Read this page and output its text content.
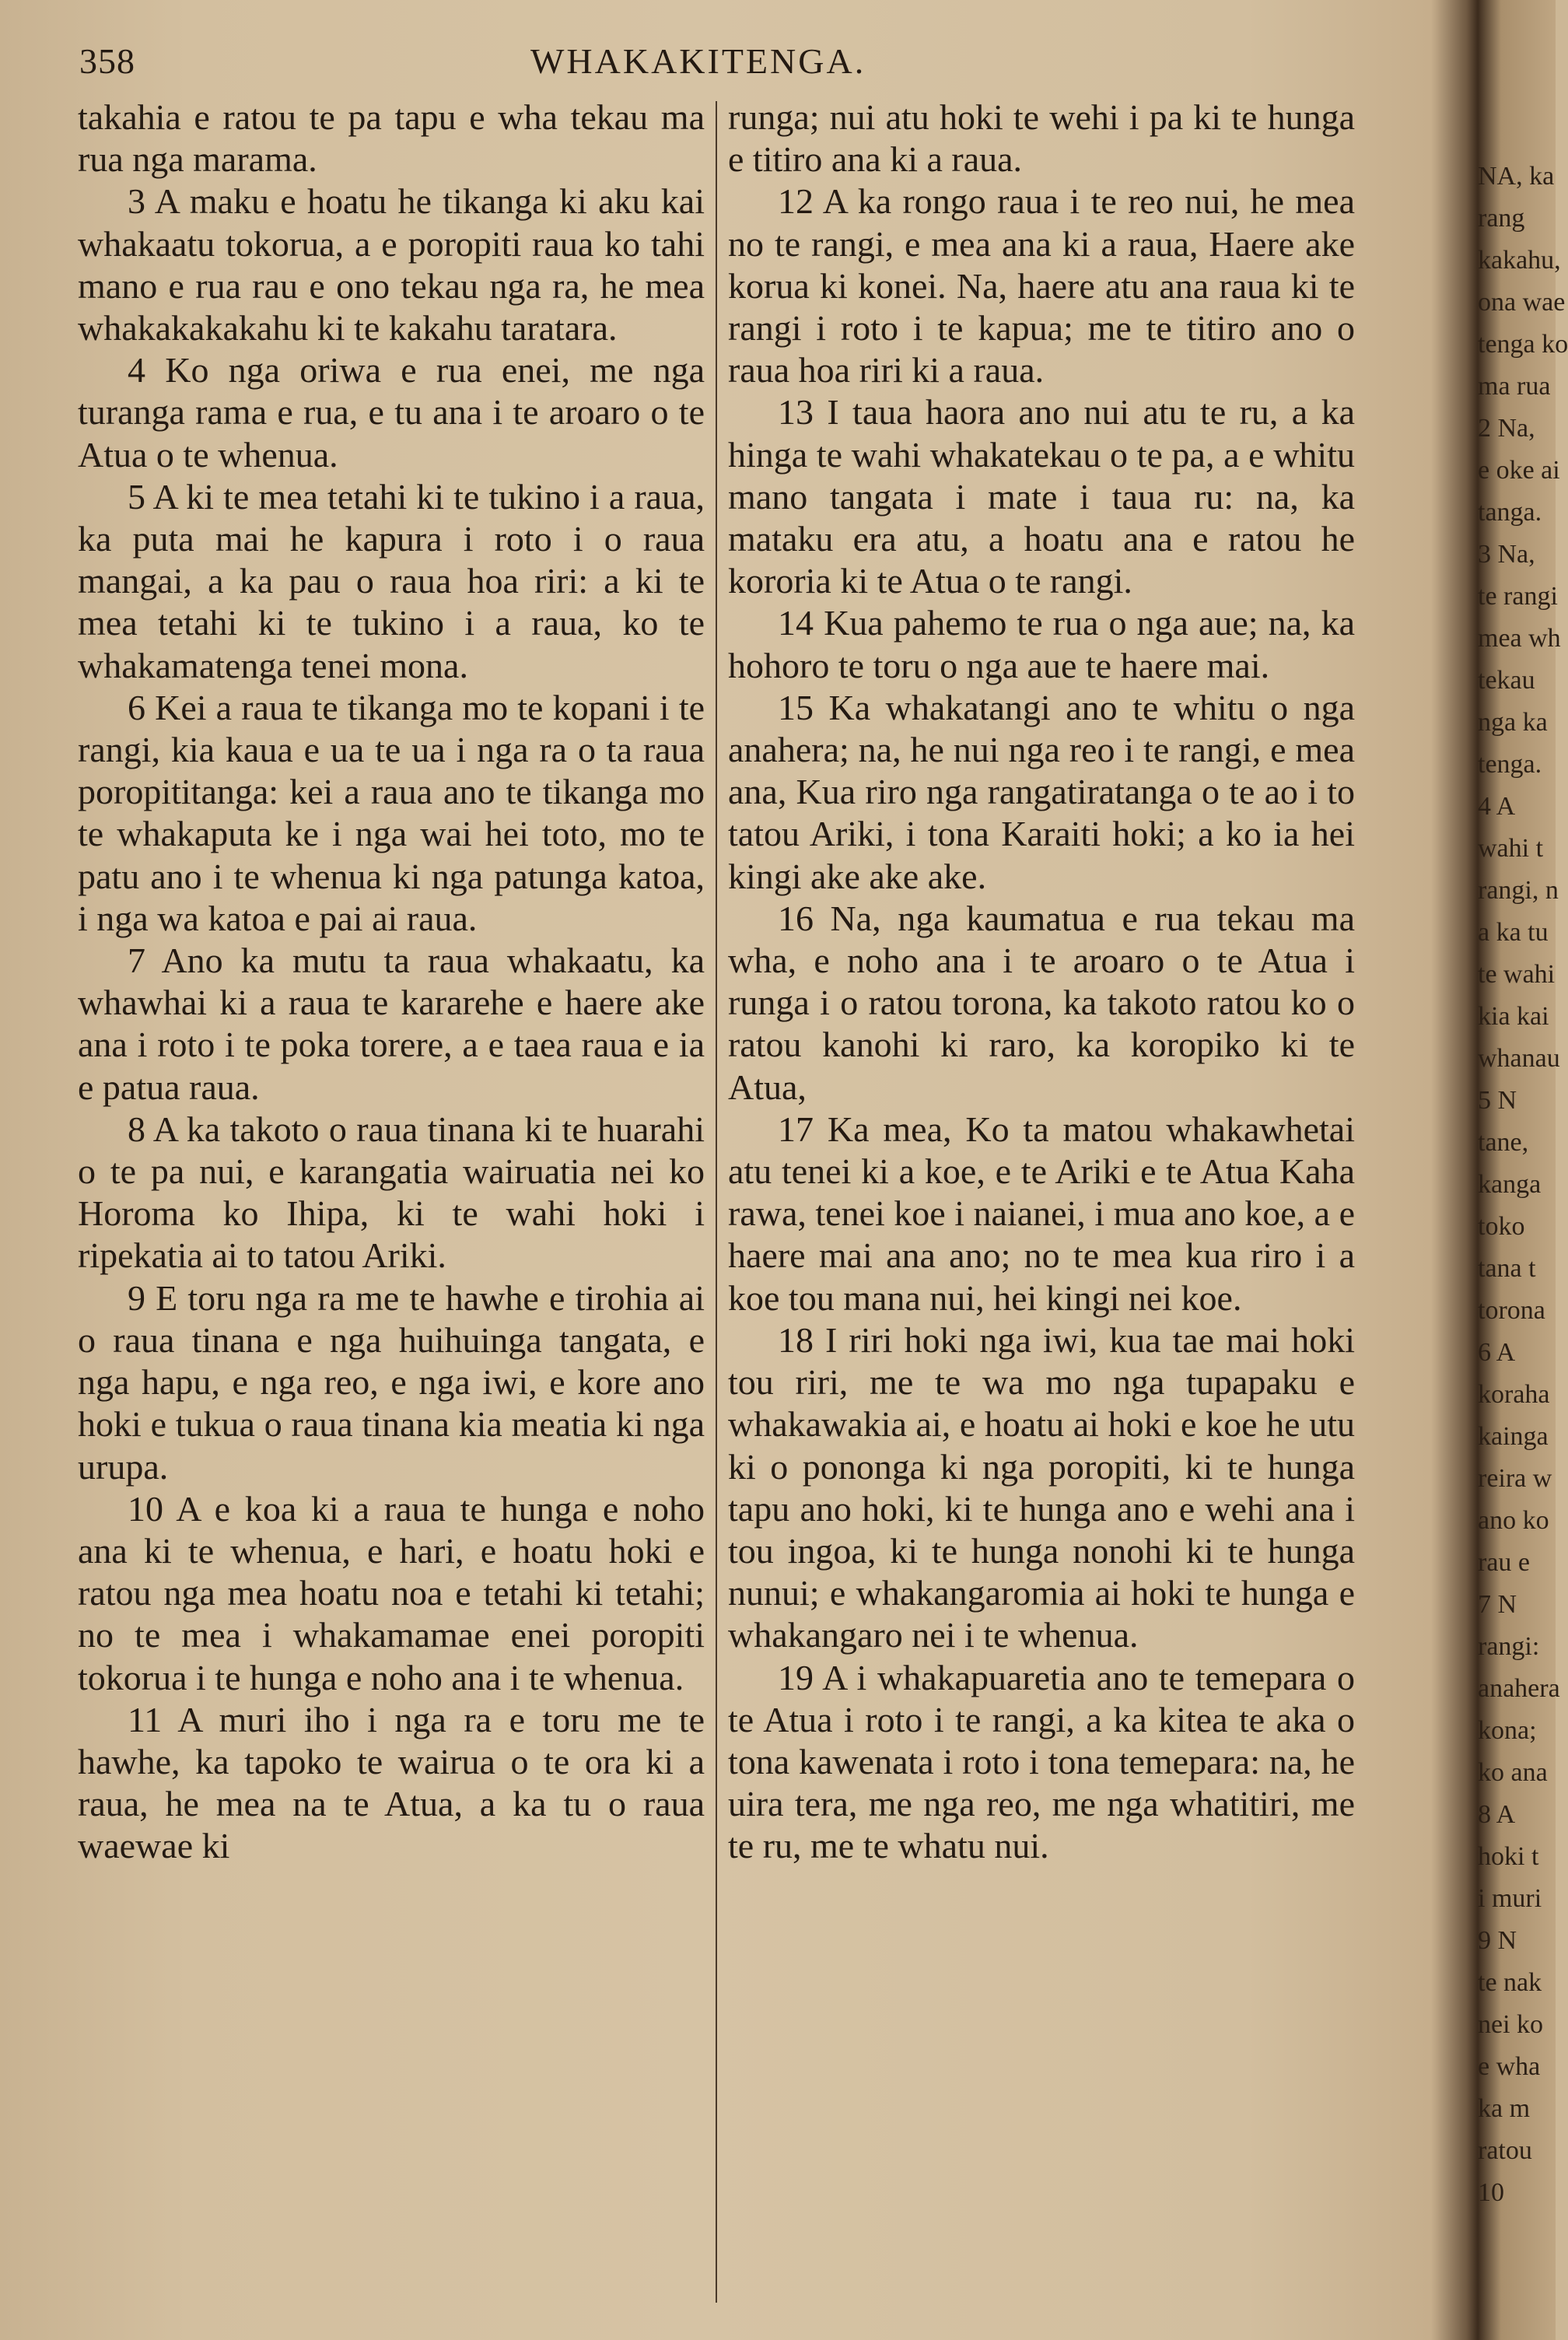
358	WHAKAKITENGA.

takahia e ratou te pa tapu e wha tekau ma rua nga marama.

3 A maku e hoatu he tikanga ki aku kai whakaatu tokorua, a e poropiti raua ko tahi mano e rua rau e ono tekau nga ra, he mea whakakakakahu ki te kakahu taratara.

4 Ko nga oriwa e rua enei, me nga turanga rama e rua, e tu ana i te aroaro o te Atua o te whenua.

5 A ki te mea tetahi ki te tukino i a raua, ka puta mai he kapura i roto i o raua mangai, a ka pau o raua hoa riri: a ki te mea tetahi ki te tukino i a raua, ko te whakamatenga tenei mona.

6 Kei a raua te tikanga mo te kopani i te rangi, kia kaua e ua te ua i nga ra o ta raua poropititanga: kei a raua ano te tikanga mo te whakaputa ke i nga wai hei toto, mo te patu ano i te whenua ki nga patunga katoa, i nga wa katoa e pai ai raua.

7 Ano ka mutu ta raua whakaatu, ka whawhai ki a raua te kararehe e haere ake ana i roto i te poka torere, a e taea raua e ia e patua raua.

8 A ka takoto o raua tinana ki te huarahi o te pa nui, e karangatia wairuatia nei ko Horoma ko Ihipa, ki te wahi hoki i ripekatia ai to tatou Ariki.

9 E toru nga ra me te hawhe e tirohia ai o raua tinana e nga huihuinga tangata, e nga hapu, e nga reo, e nga iwi, e kore ano hoki e tukua o raua tinana kia meatia ki nga urupa.

10 A e koa ki a raua te hunga e noho ana ki te whenua, e hari, e hoatu hoki e ratou nga mea hoatu noa e tetahi ki tetahi; no te mea i whakamamae enei poropiti tokorua i te hunga e noho ana i te whenua.

11 A muri iho i nga ra e toru me te hawhe, ka tapoko te wairua o te ora ki a raua, he mea na te Atua, a ka tu o raua waewae ki

runga; nui atu hoki te wehi i pa ki te hunga e titiro ana ki a raua.

12 A ka rongo raua i te reo nui, he mea no te rangi, e mea ana ki a raua, Haere ake korua ki konei. Na, haere atu ana raua ki te rangi i roto i te kapua; me te titiro ano o raua hoa riri ki a raua.

13 I taua haora ano nui atu te ru, a ka hinga te wahi whakatekau o te pa, a e whitu mano tangata i mate i taua ru: na, ka mataku era atu, a hoatu ana e ratou he kororia ki te Atua o te rangi.

14 Kua pahemo te rua o nga aue; na, ka hohoro te toru o nga aue te haere mai.

15 Ka whakatangi ano te whitu o nga anahera; na, he nui nga reo i te rangi, e mea ana, Kua riro nga rangatiratanga o te ao i to tatou Ariki, i tona Karaiti hoki; a ko ia hei kingi ake ake ake.

16 Na, nga kaumatua e rua tekau ma wha, e noho ana i te aroaro o te Atua i runga i o ratou torona, ka takoto ratou ko o ratou kanohi ki raro, ka koropiko ki te Atua,

17 Ka mea, Ko ta matou whakawhetai atu tenei ki a koe, e te Ariki e te Atua Kaha rawa, tenei koe i naianei, i mua ano koe, a e haere mai ana ano; no te mea kua riro i a koe tou mana nui, hei kingi nei koe.

18 I riri hoki nga iwi, kua tae mai hoki tou riri, me te wa mo nga tupapaku e whakawakia ai, e hoatu ai hoki e koe he utu ki o pononga ki nga poropiti, ki te hunga tapu ano hoki, ki te hunga ano e wehi ana i tou ingoa, ki te hunga nonohi ki te hunga nunui; e whakangaromia ai hoki te hunga e whakangaro nei i te whenua.

19 A i whakapuaretia ano te temepara o te Atua i roto i te rangi, a ka kitea te aka o tona kawenata i roto i tona temepara: na, he uira tera, me nga reo, me nga whatitiri, me te ru, me te whatu nui.

NA, ka
rang
kakahu,
ona wae
tenga ko
ma rua
2 Na,
e oke ai
tanga.
3 Na,
te rangi
mea wh
tekau
nga ka
tenga.
4 A
wahi t
rangi, n
a ka tu
te wahi
kia kai
whanau
5 N
tane,
kanga
toko
tana t
torona
6 A
koraha
kainga
reira w
ano ko
rau e
7 N
rangi:
anahera
kona;
ko ana
8 A
hoki t
i muri
9 N
te nak
nei ko
e wha
ka m
ratou
10
